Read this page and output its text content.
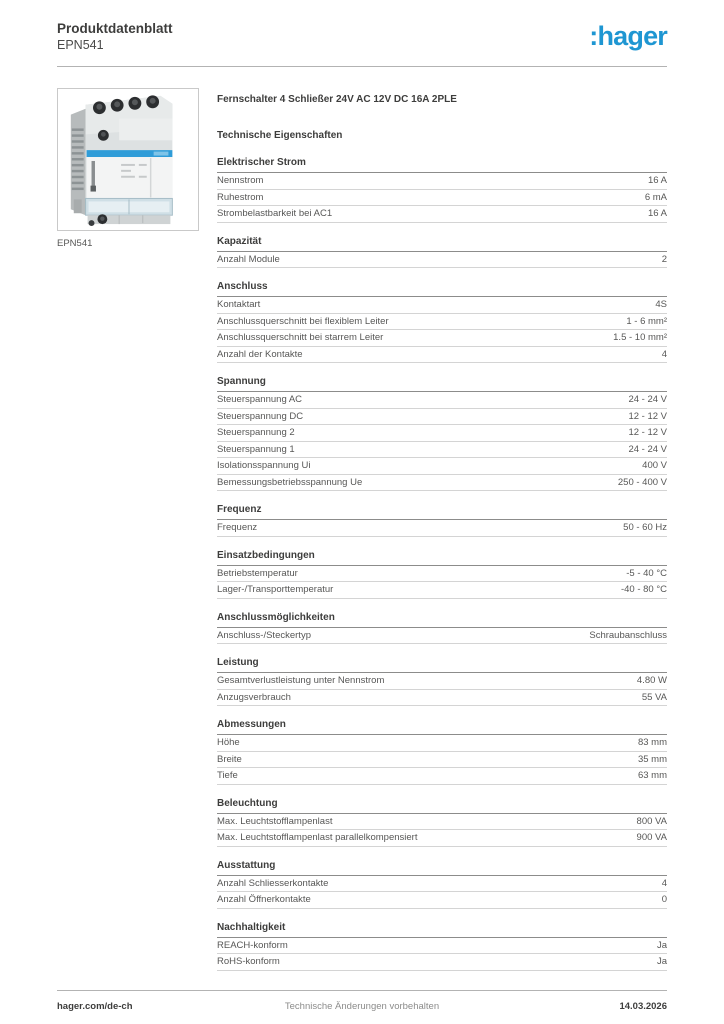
Produktdatenblatt
EPN541	:hager
EPN541
Fernschalter 4 Schließer 24V AC 12V DC 16A 2PLE
Technische Eigenschaften
Elektrischer Strom
Nennstrom	16 A
Ruhestrom	6 mA
Strombelastbarkeit bei AC1	16 A
Kapazität
Anzahl Module	2
Anschluss
Kontaktart	4S
Anschlussquerschnitt bei flexiblem Leiter	1 - 6 mm²
Anschlussquerschnitt bei starrem Leiter	1.5 - 10 mm²
Anzahl der Kontakte	4
Spannung
Steuerspannung AC	24 - 24 V
Steuerspannung DC	12 - 12 V
Steuerspannung 2	12 - 12 V
Steuerspannung 1	24 - 24 V
Isolationsspannung Ui	400 V
Bemessungsbetriebsspannung Ue	250 - 400 V
Frequenz
Frequenz	50 - 60 Hz
Einsatzbedingungen
Betriebstemperatur	-5 - 40 °C
Lager-/Transporttemperatur	-40 - 80 °C
Anschlussmöglichkeiten
Anschluss-/Steckertyp	Schraubanschluss
Leistung
Gesamtverlustleistung unter Nennstrom	4.80 W
Anzugsverbrauch	55 VA
Abmessungen
Höhe	83 mm
Breite	35 mm
Tiefe	63 mm
Beleuchtung
Max. Leuchtstofflampenlast	800 VA
Max. Leuchtstofflampenlast parallelkompensiert	900 VA
Ausstattung
Anzahl Schliesserkontakte	4
Anzahl Öffnerkontakte	0
Nachhaltigkeit
REACH-konform	Ja
RoHS-konform	Ja
hager.com/de-ch	Technische Änderungen vorbehalten	14.03.2026
